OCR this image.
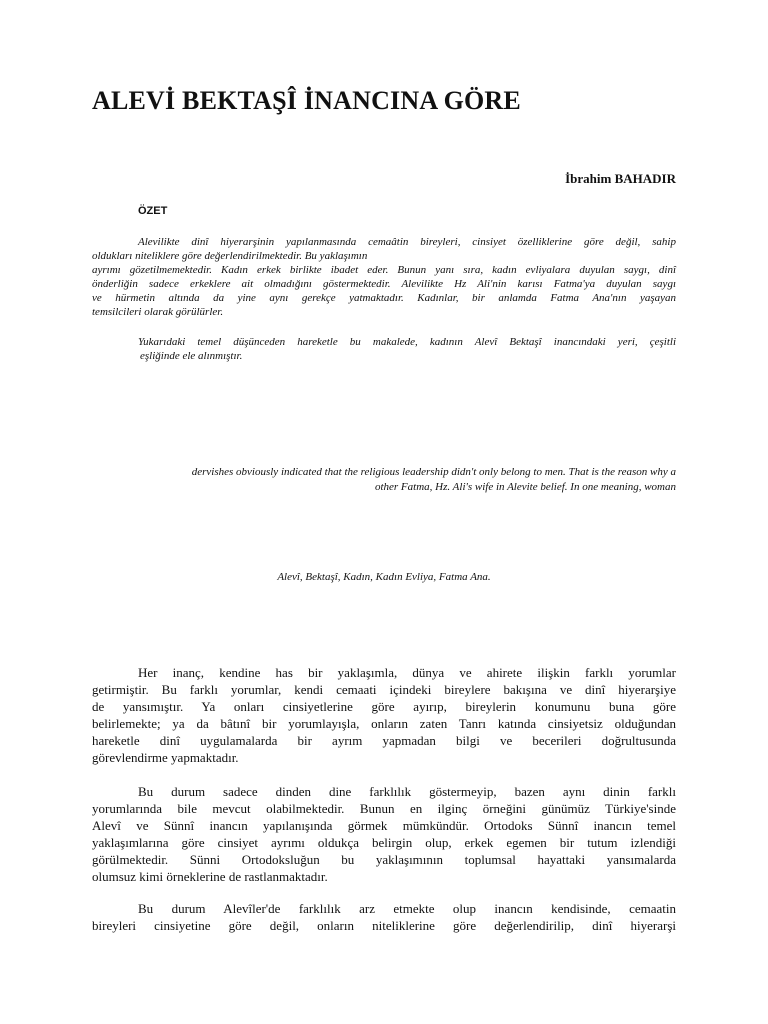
ALEVİ BEKTAŞÎ İNANCINA GÖRE
İbrahim BAHADIR
ÖZET
Alevilikte dinî hiyerarşinin yapılanmasında cemaâtin bireyleri, cinsiyet özelliklerine göre değil, sahip
oldukları niteliklere göre değerlendirilmektedir. Bu yaklaşımın
ayrımı gözetilmemektedir. Kadın erkek birlikte ibadet eder. Bunun yanı sıra, kadın evliyalara duyulan saygı, dinî
önderliğin sadece erkeklere ait olmadığını göstermektedir. Alevilikte Hz Ali'nin karısı Fatma'ya duyulan saygı
ve hürmetin altında da yine aynı gerekçe yatmaktadır. Kadınlar, bir anlamda Fatma Ana'nın yaşayan
temsilcileri olarak görülürler.
Yukarıdaki temel düşünceden hareketle bu makalede, kadının Alevî Bektaşî inancındaki yeri, çeşitli
eşliğinde ele alınmıştır.
dervishes obviously indicated that the religious leadership didn't only belong to men. That is the reason why a
other Fatma, Hz. Ali's wife in Alevite belief. In one meaning, woman
Alevî, Bektaşî, Kadın, Kadın Evliya, Fatma Ana.
Her inanç, kendine has bir yaklaşımla, dünya ve ahirete ilişkin farklı yorumlar
getirmiştir. Bu farklı yorumlar, kendi cemaati içindeki bireylere bakışına ve dinî hiyerarşiye
de yansımıştır. Ya onları cinsiyetlerine göre ayırıp, bireylerin konumunu buna göre
belirlemekte; ya da bâtınî bir yorumlayışla, onların zaten Tanrı katında cinsiyetsiz olduğundan
hareketle dinî uygulamalarda bir ayrım yapmadan bilgi ve becerileri doğrultusunda
görevlendirme yapmaktadır.
Bu durum sadece dinden dine farklılık göstermeyip, bazen aynı dinin farklı
yorumlarında bile mevcut olabilmektedir. Bunun en ilginç örneğini günümüz Türkiye'sinde
Alevî ve Sünnî inancın yapılanışında görmek mümkündür. Ortodoks Sünnî inancın temel
yaklaşımlarına göre cinsiyet ayrımı oldukça belirgin olup, erkek egemen bir tutum izlendiği
görülmektedir. Sünni Ortodoksluğun bu yaklaşımının toplumsal hayattaki yansımalarda
olumsuz kimi örneklerine de rastlanmaktadır.
Bu durum Alevîler'de farklılık arz etmekte olup inancın kendisinde, cemaatin
bireyleri cinsiyetine göre değil, onların niteliklerine göre değerlendirilip, dinî hiyerarşi
